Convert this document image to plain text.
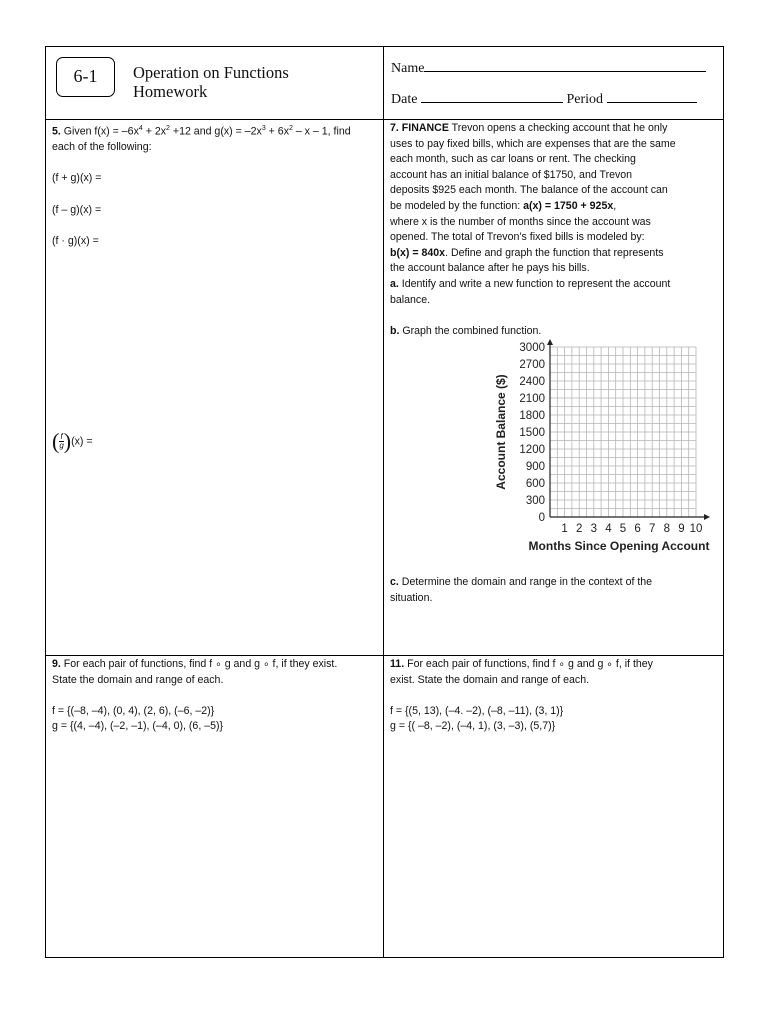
6-1	Operation on Functions
Homework
Name
Date	Period

5. Given $f(x) = -6x^4 + 2x^2 +12$ and $g(x) = -2x^3 + 6x^2 - x - 1$, find

each of the following:

(f + g)(x) =

(f – g)(x) =

(f · g)(x) =

( $\frac{f}{g} )(x)$ =

7. FINANCE Trevon opens a checking account that he only

uses to pay fixed bills, which are expenses that are the same

each month, such as car loans or rent. The checking

account has an initial balance of $1750, and Trevon

deposits $925 each month. The balance of the account can

be modeled by the function: a(x) = 1750 + 925x,

where x is the number of months since the account was

opened. The total of Trevon’s fixed bills is modeled by:

b(x) = 840x. Define and graph the function that represents

the account balance after he pays his bills.

a. Identify and write a new function to represent the account

balance.

b. Graph the combined function.

0
300
600
900
1200
1500
1800
2100
2400
2700
3000
1 2 3 4 5 6 7 8 9 10
Account Balance ($)
Months Since Opening Account

c. Determine the domain and range in the context of the

situation.

9. For each pair of functions, find f ∘ g and g ∘ f, if they exist.

State the domain and range of each.

f = {(–8, –4), (0, 4), (2, 6), (–6, –2)}

g = {(4, –4), (–2, –1), (–4, 0), (6, –5)}

11. For each pair of functions, find f ∘ g and g ∘ f, if they

exist. State the domain and range of each.

f = {(5, 13), (–4. –2), (–8, –11), (3, 1)}

g = {( –8, –2), (–4, 1), (3, –3), (5,7)}
